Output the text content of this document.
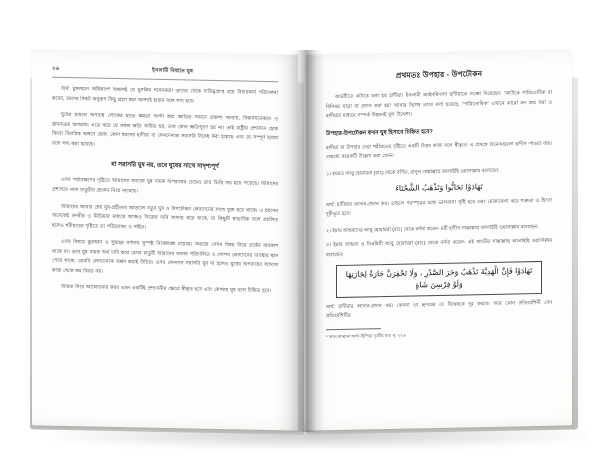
২৬	ইসলামী বিধানে ঘুষ

অর্থ: মুসলমান অধিকাংশ অঞ্চলই যে মুসলিম শাসনকর্তা তাদের থেকে দায়িত্বপ্রাপ্ত হয়ে বিচারকার্য পরিচালনা করেন, তাদের নিকট অনুরূপ কিছু গ্রহণ করা অবশ্যই হারাম বলে গণ্য হবে।

ঘুষের মামলে অপরাধ লোকের হাতে ক্ষমতা অর্পণ করা জাতির সামনে প্রকাশ্য অন্যায়, বিশ্বাসঘাতকতা ও জঘন্যতম অপরাধ। এতে করে যে সকল ক্ষতি সাধিত হয়, তার কোন ক্ষতিপূরণ হয় না। তাই রাষ্ট্রীয় প্রশাসনে হোক কিংবা বিচারিক অঙ্গনে হোক, কোন ধরনের হাদীয়া বা লেনদেনকে সরাসরি নিষেধ করা হয়েছে এবং তা সম্পূর্ণ হারাম বলে গণ্য করা হয়েছে।

যা সরাসরি ঘুষ নয়, তবে ঘুষের সাথে সাদৃশ্যপূর্ণ

এসব পর্যবেক্ষণের দৃষ্টিতে আমাদের সমাজে ঘুষ নামক অপরাধের চেয়েও তার ভিত্তি বড় হয়ে পড়েছে। আমাদের প্রশাসনে নানা চাতুরীর প্রচলন নিয়ে নামেছে।

আমাদের আবার প্রায় ঘুষ-গ্রহীতার আড়ালে নতুন ঘুষ ও উপঢৌকন লেনদেনের সাথে যুক্ত হয়ে থাকে। এ ধরনের অনেকেই তদবীর ও মিডিয়ার মাধ্যমে আজও নিজের দাবি আদায় করে থাকে, যা কিছুটি স্বাভাবিক বলে প্রচলিত হলেও শরীয়তের দৃষ্টিতে তা পরিত্যাজ্য ও গর্হিত।

এসব বিষয়ে কুরআন ও সুন্নাহর বর্ণনায় সুস্পষ্ট নিষেধাজ্ঞা রয়েছে। সমাজে সেসব বিষয় নিয়ে তর্কের অবকাশ থাকে না। তবে ঘুষ নামক অর্থ দাবি করে যেসব চাতুরী আমাদের সমাজ পরিচালিত ও গোপন লেনদেনের ব্যবস্থায় স্থান পেয়ে থাকে, তেমনি লেনদেনকে বর্জন করাই উচিত। এসব লেনদেন সরাসরি ঘুষ না হলেও ঘুষের অপরাধের আদলে কাজ থেকে কম বিরত নয়।

আমরা নিচে আলোচনার করব এমন একটিই প্রশংসনীয় ক্ষেত্রে স্বীকৃত হবে এবং কোথায় ঘুষ বলে চিহ্নিত হবে।

প্রথমতঃ উপহার - উপঢৌকন

আরবীতে এটাকে বলা হয় হাদীয়া। ইসলামী আইনবিদগণ হাদীয়াকে সংজ্ঞা দিয়েছেন: "কাউকে পারিতোষিক বা বিনিময় ছাড়া যা প্রদান করা হয়" আবার বিশেষ ভাবে বলা হয়েছে, "পারিতোষিক" এখানে কারো মন জয় করা ও হাদীয়ার মাধ্যমে সম্পর্ক উন্নয়নই মূল উদ্দেশ্য।

উপহার-উপঢৌকন কখন ঘুষ হিসাবে চিহ্নিত হবে?

হাদীয়া বা উপহার দেয়া শরীয়তের দৃষ্টিতে একটি উত্তম কাজ বলে স্বীকৃত। এ প্রসঙ্গে অনেকগুলো হাদীস পাওয়া যায়। তন্মধ্যে কয়েকটি উল্লেখ করা যেমন:

১। হযরত আবু হোরায়রা (রাঃ) থেকে বর্ণিত, রাসূল সাল্লাল্লাহু আলাইহি ওয়াসাল্লাম বলেছেন:

تَهَادَوْا تَحَابُّوا وَتَذْهَبُ الشَّحْنَاءَ

অর্থ: হাদীয়ার আদান-প্রদান কর। তাহলে পরস্পরের মধ্যে ভালবাসা সৃষ্টি হবে এবং মোকাবেলা করে শত্রুতা ও হিংসা দূরীভূত হবে।

২। ইমাম আহমাদের আবু হোরায়রা (রাঃ) থেকে বর্ণনা করেন- মরী হাদীস সাল্লাল্লাহু আলাইহি ওয়াসাল্লাম বলেছেন:

৩। ইমাম আহমদ ও তিরমিযী আবু হোরায়রা (রাঃ) থেকে বর্ণনা করেন- এই জাতীয় সাল্লাল্লাহু আলাইহি ওয়াসাল্লাম বলেছেন:

تَهَادَوْا فَإِنَّ الْهَدِيَّةَ تَذْهَبُ وَحَرَ الصَّدْرِ ، وَلَا تَحْقِرَنَّ جَارَةٌ لِجَارَتِهَا وَلَوْ فِرْسِنَ شَاةٍ

অর্থ: হাদীয়ার আদান-প্রদান কর। কেননা তা হৃদয়ের যে বিদ্বেষকে দূর করবে। আর কোন প্রতিবেশিনী যেন প্রতিবেশিনীর

* আল রাব্বানা আল-হিন্দিয়া তৃতীয় খণ্ড পৃ: ২২৬
